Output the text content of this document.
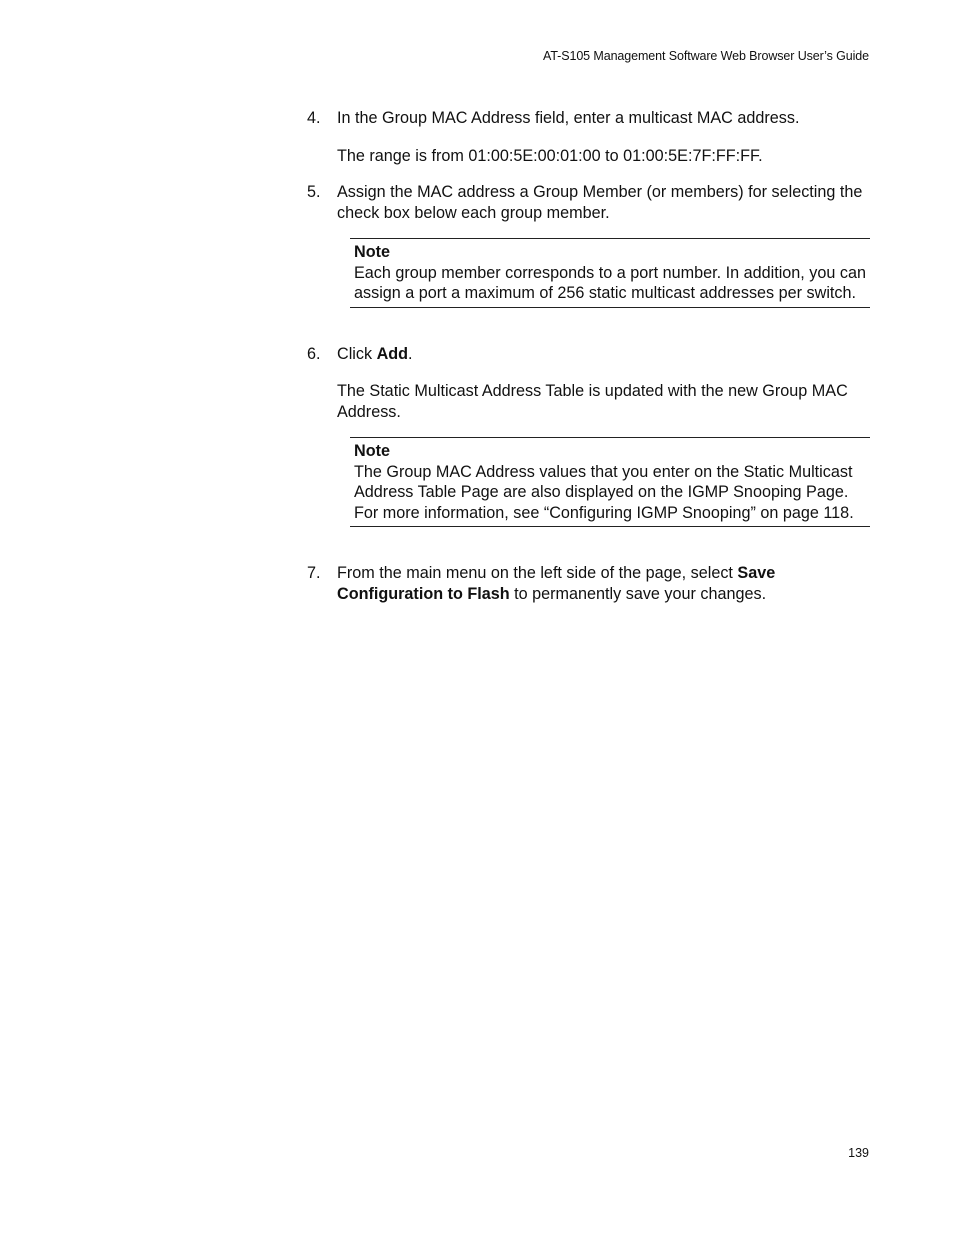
AT-S105 Management Software Web Browser User’s Guide
4. In the Group MAC Address field, enter a multicast MAC address.

The range is from 01:00:5E:00:01:00 to 01:00:5E:7F:FF:FF.

5. Assign the MAC address a Group Member (or members) for selecting the check box below each group member.

Note

Each group member corresponds to a port number. In addition, you can assign a port a maximum of 256 static multicast addresses per switch.

6. Click Add.

The Static Multicast Address Table is updated with the new Group MAC Address.

Note

The Group MAC Address values that you enter on the Static Multicast Address Table Page are also displayed on the IGMP Snooping Page. For more information, see “Configuring IGMP Snooping” on page 118.

7. From the main menu on the left side of the page, select Save Configuration to Flash to permanently save your changes.

139
